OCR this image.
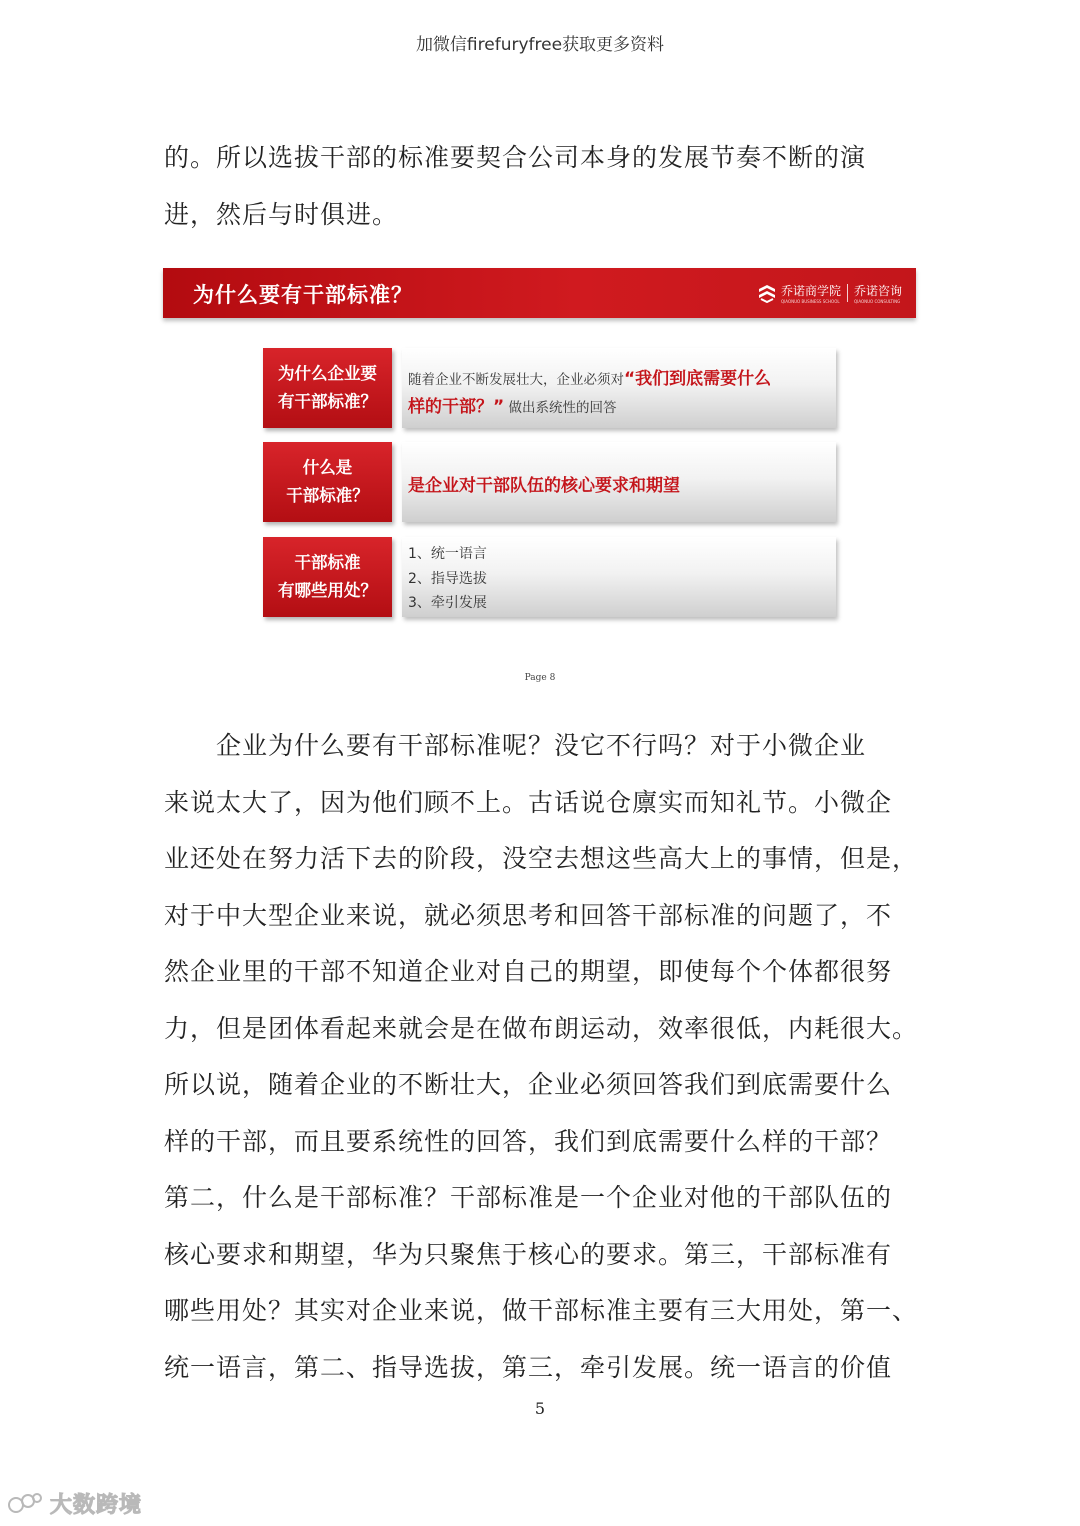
加微信firefuryfree获取更多资料

的。所以选拔干部的标准要契合公司本身的发展节奏不断的演

进，然后与时俱进。

为什么要有干部标准？	乔诺商学院
QIAONUO BUSINESS SCHOOL
乔诺咨询
QIAONUO CONSULTING
为什么企业要
有干部标准？
随着企业不断发展壮大，企业必须对“我们到底需要什么
样的干部？” 做出系统性的回答
什么是
干部标准？ 是企业对干部队伍的核心要求和期望
干部标准
有哪些用处？
1、统一语言
2、指导选拔
3、牵引发展
Page 8

　　企业为什么要有干部标准呢？没它不行吗？对于小微企业

来说太大了，因为他们顾不上。古话说仓廪实而知礼节。小微企

业还处在努力活下去的阶段，没空去想这些高大上的事情，但是，

对于中大型企业来说，就必须思考和回答干部标准的问题了，不

然企业里的干部不知道企业对自己的期望，即使每个个体都很努

力，但是团体看起来就会是在做布朗运动，效率很低，内耗很大。

所以说，随着企业的不断壮大，企业必须回答我们到底需要什么

样的干部，而且要系统性的回答，我们到底需要什么样的干部？

第二，什么是干部标准？干部标准是一个企业对他的干部队伍的

核心要求和期望，华为只聚焦于核心的要求。第三，干部标准有

哪些用处？其实对企业来说，做干部标准主要有三大用处，第一、

统一语言，第二、指导选拔，第三，牵引发展。统一语言的价值

5
大数跨境
